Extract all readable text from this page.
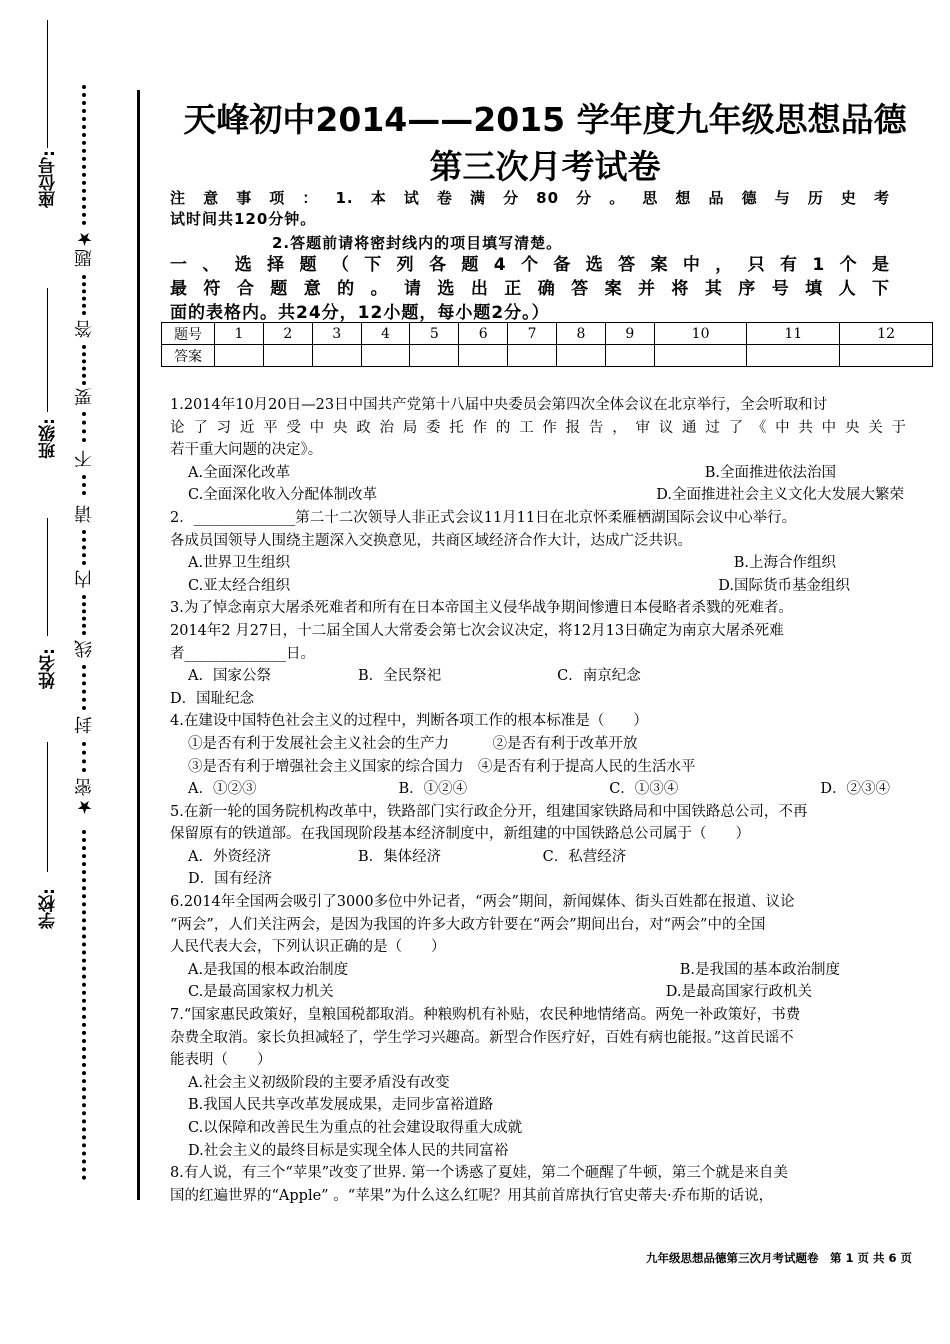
座位号:
班级:
姓名:
学校:
题★
答
要
不
请
内
线
封
★密
天峰初中2014——2015 学年度九年级思想品德
第三次月考试卷
注意事项：1.本试卷满分80分。思想品德与历史考
试时间共120分钟。
2.答题前请将密封线内的项目填写清楚。
一、选择题（下列各题4个备选答案中，只有1个是
最符合题意的。请选出正确答案并将其序号填人下
面的表格内。共24分，12小题，每小题2分。）
题号	1	2	3	4	5	6	7	8	9	10	11	12
答案												
1.2014年10月20日—23日中国共产党第十八届中央委员会第四次全体会议在北京举行，全会听取和讨
论了习近平受中央政治局委托作的工作报告，审议通过了《中共中央关于
若干重大问题的决定》。
A.全面深化改革	B.全面推进依法治国
C.全面深化收入分配体制改革	D.全面推进社会主义文化大发展大繁荣
2．______________第二十二次领导人非正式会议11月11日在北京怀柔雁栖湖国际会议中心举行。
各成员国领导人围绕主题深入交换意见，共商区域经济合作大计，达成广泛共识。
A.世界卫生组织	B.上海合作组织
C.亚太经合组织	D.国际货币基金组织
3.为了悼念南京大屠杀死难者和所有在日本帝国主义侵华战争期间惨遭日本侵略者杀戮的死难者。
2014年2 月27日，十二届全国人大常委会第七次会议决定，将12月13日确定为南京大屠杀死难
者______________日。
A．国家公祭　　　　　　B．全民祭祀　　　　　　　　C．南京纪念
D．国耻纪念
4.在建设中国特色社会主义的过程中，判断各项工作的根本标准是（　　）
①是否有利于发展社会主义社会的生产力　　　②是否有利于改革开放
③是否有利于增强社会主义国家的综合国力　④是否有利于提高人民的生活水平
A．①②③	B．①②④	C．①③④	D．②③④
5.在新一轮的国务院机构改革中，铁路部门实行政企分开，组建国家铁路局和中国铁路总公司，不再
保留原有的铁道部。在我国现阶段基本经济制度中，新组建的中国铁路总公司属于（　　）
A．外资经济　　　　　　B．集体经济　　　　　　　C．私营经济
D．国有经济
6.2014年全国两会吸引了3000多位中外记者，“两会”期间，新闻媒体、街头百姓都在报道、议论
“两会”，人们关注两会，是因为我国的许多大政方针要在“两会”期间出台，对“两会”中的全国
人民代表大会，下列认识正确的是（　　）
A.是我国的根本政治制度	B.是我国的基本政治制度
C.是最高国家权力机关	D.是最高国家行政机关
7.“国家惠民政策好，皇粮国税都取消。种粮购机有补贴，农民种地情绪高。两免一补政策好，书费
杂费全取消。家长负担减轻了，学生学习兴趣高。新型合作医疗好，百姓有病也能报。”这首民谣不
能表明（　　）
A.社会主义初级阶段的主要矛盾没有改变
B.我国人民共享改革发展成果，走同步富裕道路
C.以保障和改善民生为重点的社会建设取得重大成就
D.社会主义的最终目标是实现全体人民的共同富裕
8.有人说，有三个“苹果”改变了世界. 第一个诱惑了夏娃，第二个砸醒了牛顿，第三个就是来自美
国的红遍世界的“Apple” 。“苹果”为什么这么红呢？用其前首席执行官史蒂夫·乔布斯的话说，
九年级思想品德第三次月考试题卷　第 1 页 共 6 页
